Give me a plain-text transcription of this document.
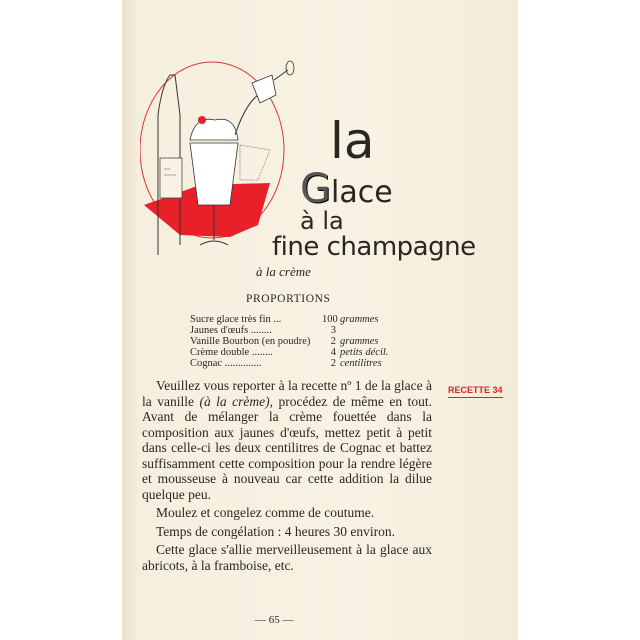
la
Glace
à la
fine champagne
à la crème
PROPORTIONS
Sucre glace très fin ...	100 grammes
Jaunes d'œufs ........	3
Vanille Bourbon (en poudre)	2 grammes
Crème double ........	4 petits décil.
Cognac ..............	2 centilitres
RECETTE 34

Veuillez vous reporter à la recette nº 1 de la glace à la vanille (à la crème), procédez de même en tout. Avant de mélanger la crème fouettée dans la composition aux jaunes d'œufs, mettez petit à petit dans celle-ci les deux centilitres de Cognac et battez suffisamment cette composition pour la rendre légère et mousseuse à nouveau car cette addition la dilue quelque peu.

Moulez et congelez comme de coutume.

Temps de congélation : 4 heures 30 environ.

Cette glace s'allie merveilleusement à la glace aux abricots, à la framboise, etc.

— 65 —
